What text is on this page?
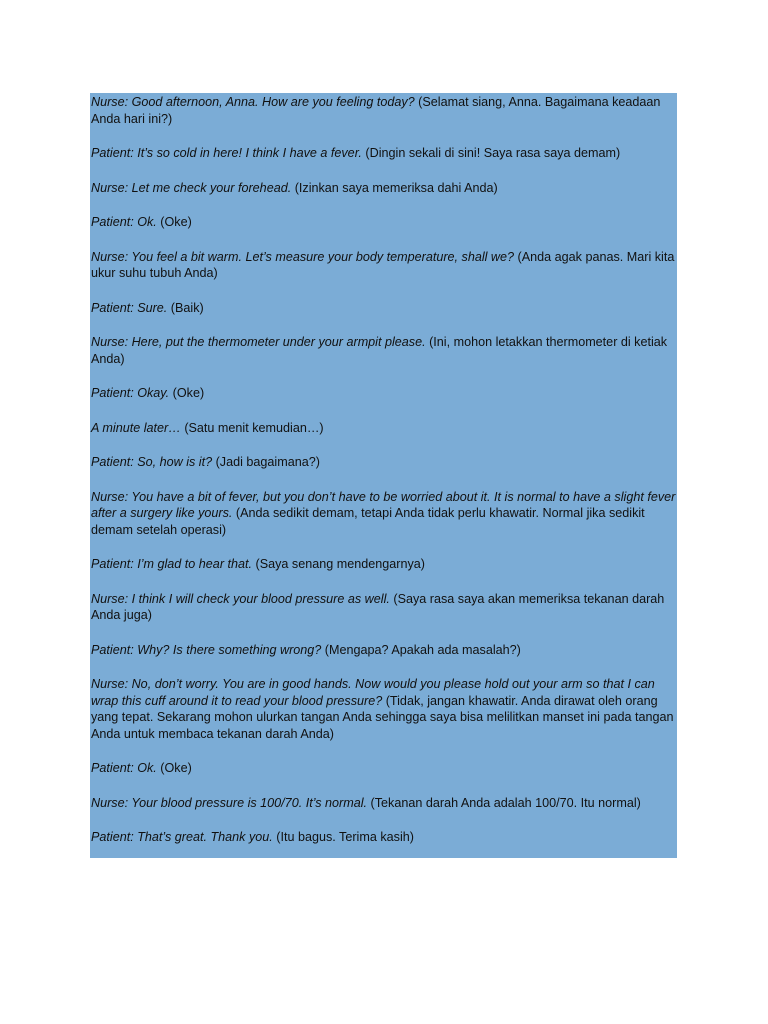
Nurse: Good afternoon, Anna. How are you feeling today? (Selamat siang, Anna. Bagaimana keadaan Anda hari ini?)

Patient: It’s so cold in here! I think I have a fever. (Dingin sekali di sini! Saya rasa saya demam)

Nurse: Let me check your forehead. (Izinkan saya memeriksa dahi Anda)

Patient: Ok. (Oke)

Nurse: You feel a bit warm. Let’s measure your body temperature, shall we? (Anda agak panas. Mari kita ukur suhu tubuh Anda)

Patient: Sure. (Baik)

Nurse: Here, put the thermometer under your armpit please. (Ini, mohon letakkan thermometer di ketiak Anda)

Patient: Okay. (Oke)

A minute later… (Satu menit kemudian…)

Patient: So, how is it? (Jadi bagaimana?)

Nurse: You have a bit of fever, but you don’t have to be worried about it. It is normal to have a slight fever after a surgery like yours. (Anda sedikit demam, tetapi Anda tidak perlu khawatir. Normal jika sedikit demam setelah operasi)

Patient: I’m glad to hear that. (Saya senang mendengarnya)

Nurse: I think I will check your blood pressure as well. (Saya rasa saya akan memeriksa tekanan darah Anda juga)

Patient: Why? Is there something wrong? (Mengapa? Apakah ada masalah?)

Nurse: No, don’t worry. You are in good hands. Now would you please hold out your arm so that I can wrap this cuff around it to read your blood pressure? (Tidak, jangan khawatir. Anda dirawat oleh orang yang tepat. Sekarang mohon ulurkan tangan Anda sehingga saya bisa melilitkan manset ini pada tangan Anda untuk membaca tekanan darah Anda)

Patient: Ok. (Oke)

Nurse: Your blood pressure is 100/70. It’s normal. (Tekanan darah Anda adalah 100/70. Itu normal)

Patient: That’s great. Thank you. (Itu bagus. Terima kasih)
